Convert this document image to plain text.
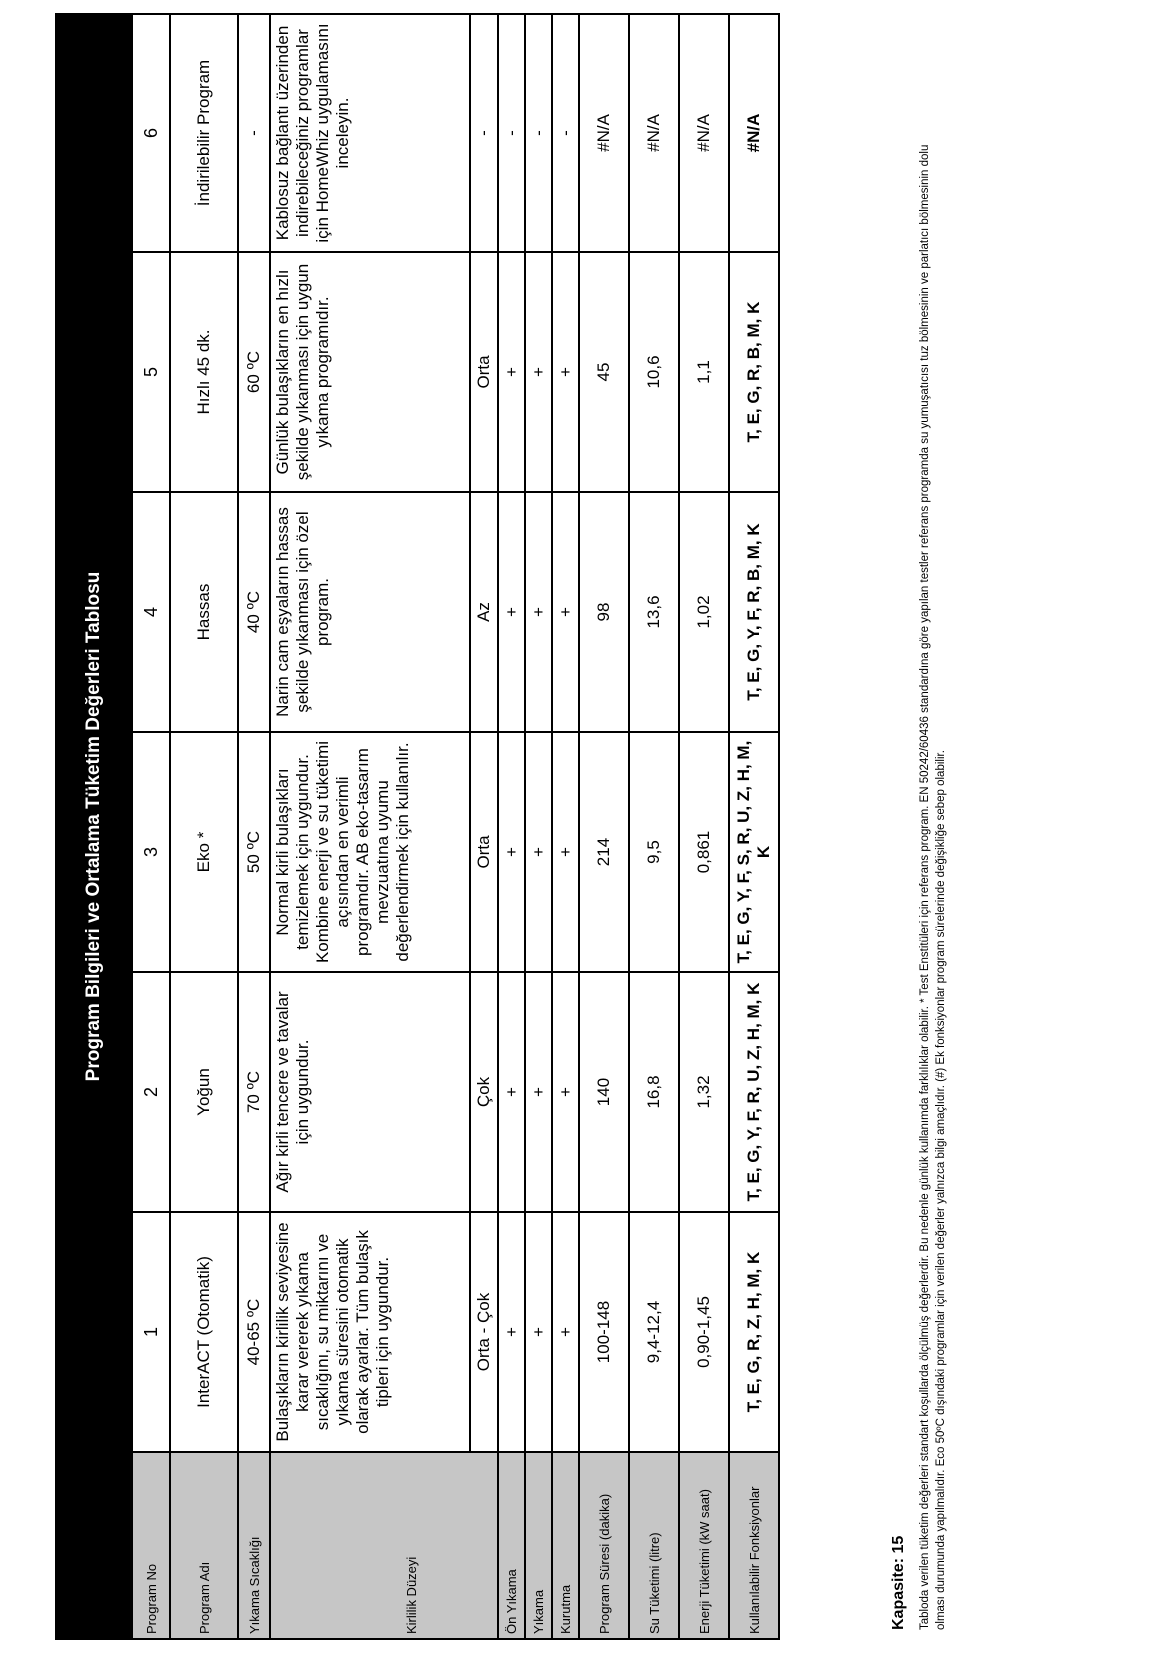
Program Bilgileri ve Ortalama Tüketim Değerleri Tablosu						
Program No	1	2	3	4	5	6
Program Adı	InterACT (Otomatik)	Yoğun	Eko *	Hassas	Hızlı 45 dk.	İndirilebilir Program
Yıkama Sıcaklığı	40-65 ºC	70 ºC	50 ºC	40 ºC	60 ºC	-
Kirlilik Düzeyi	Bulaşıkların kirlilik seviyesine karar vererek yıkama sıcaklığını, su miktarını ve yıkama süresini otomatik olarak ayarlar. Tüm bulaşık tipleri için uygundur.	Ağır kirli tencere ve tavalar için uygundur.	Normal kirli bulaşıkları temizlemek için uygundur. Kombine enerji ve su tüketimi açısından en verimli programdır. AB eko-tasarım mevzuatına uyumu değerlendirmek için kullanılır.	Narin cam eşyaların hassas şekilde yıkanması için özel program.	Günlük bulaşıkların en hızlı şekilde yıkanması için uygun yıkama programıdır.	Kablosuz bağlantı üzerinden indirebileceğiniz programlar için HomeWhiz uygulamasını inceleyin.
	Orta - Çok	Çok	Orta	Az	Orta	-
Ön Yıkama	+	+	+	+	+	-
Yıkama	+	+	+	+	+	-
Kurutma	+	+	+	+	+	-
Program Süresi (dakika)	100-148	140	214	98	45	#N/A
Su Tüketimi (litre)	9,4-12,4	16,8	9,5	13,6	10,6	#N/A
Enerji Tüketimi (kW saat)	0,90-1,45	1,32	0,861	1,02	1,1	#N/A
Kullanılabilir Fonksiyonlar	T, E, G, R, Z, H, M, K	T, E, G, Y, F, R, U, Z, H, M, K	T, E, G, Y, F, S, R, U, Z, H, M, K	T, E, G, Y, F, R, B, M, K	T, E, G, R, B, M, K	#N/A
Kapasite: 15 Tabloda verilen tüketim değerleri standart koşullarda ölçülmüş değerlerdir. Bu nedenle günlük kullanımda farklılıklar olabilir. * Test Enstitüleri için referans program. EN 50242/60436 standardına göre yapılan testler referans programda su yumuşatıcısı tuz bölmesinin ve parlatıcı bölmesinin dolu olması durumunda yapılmalıdır. Eco 50ºC dışındaki programlar için verilen değerler yalnızca bilgi amaçlıdır. (#) Ek fonksiyonlar program sürelerinde değişikliğe sebep olabilir.
